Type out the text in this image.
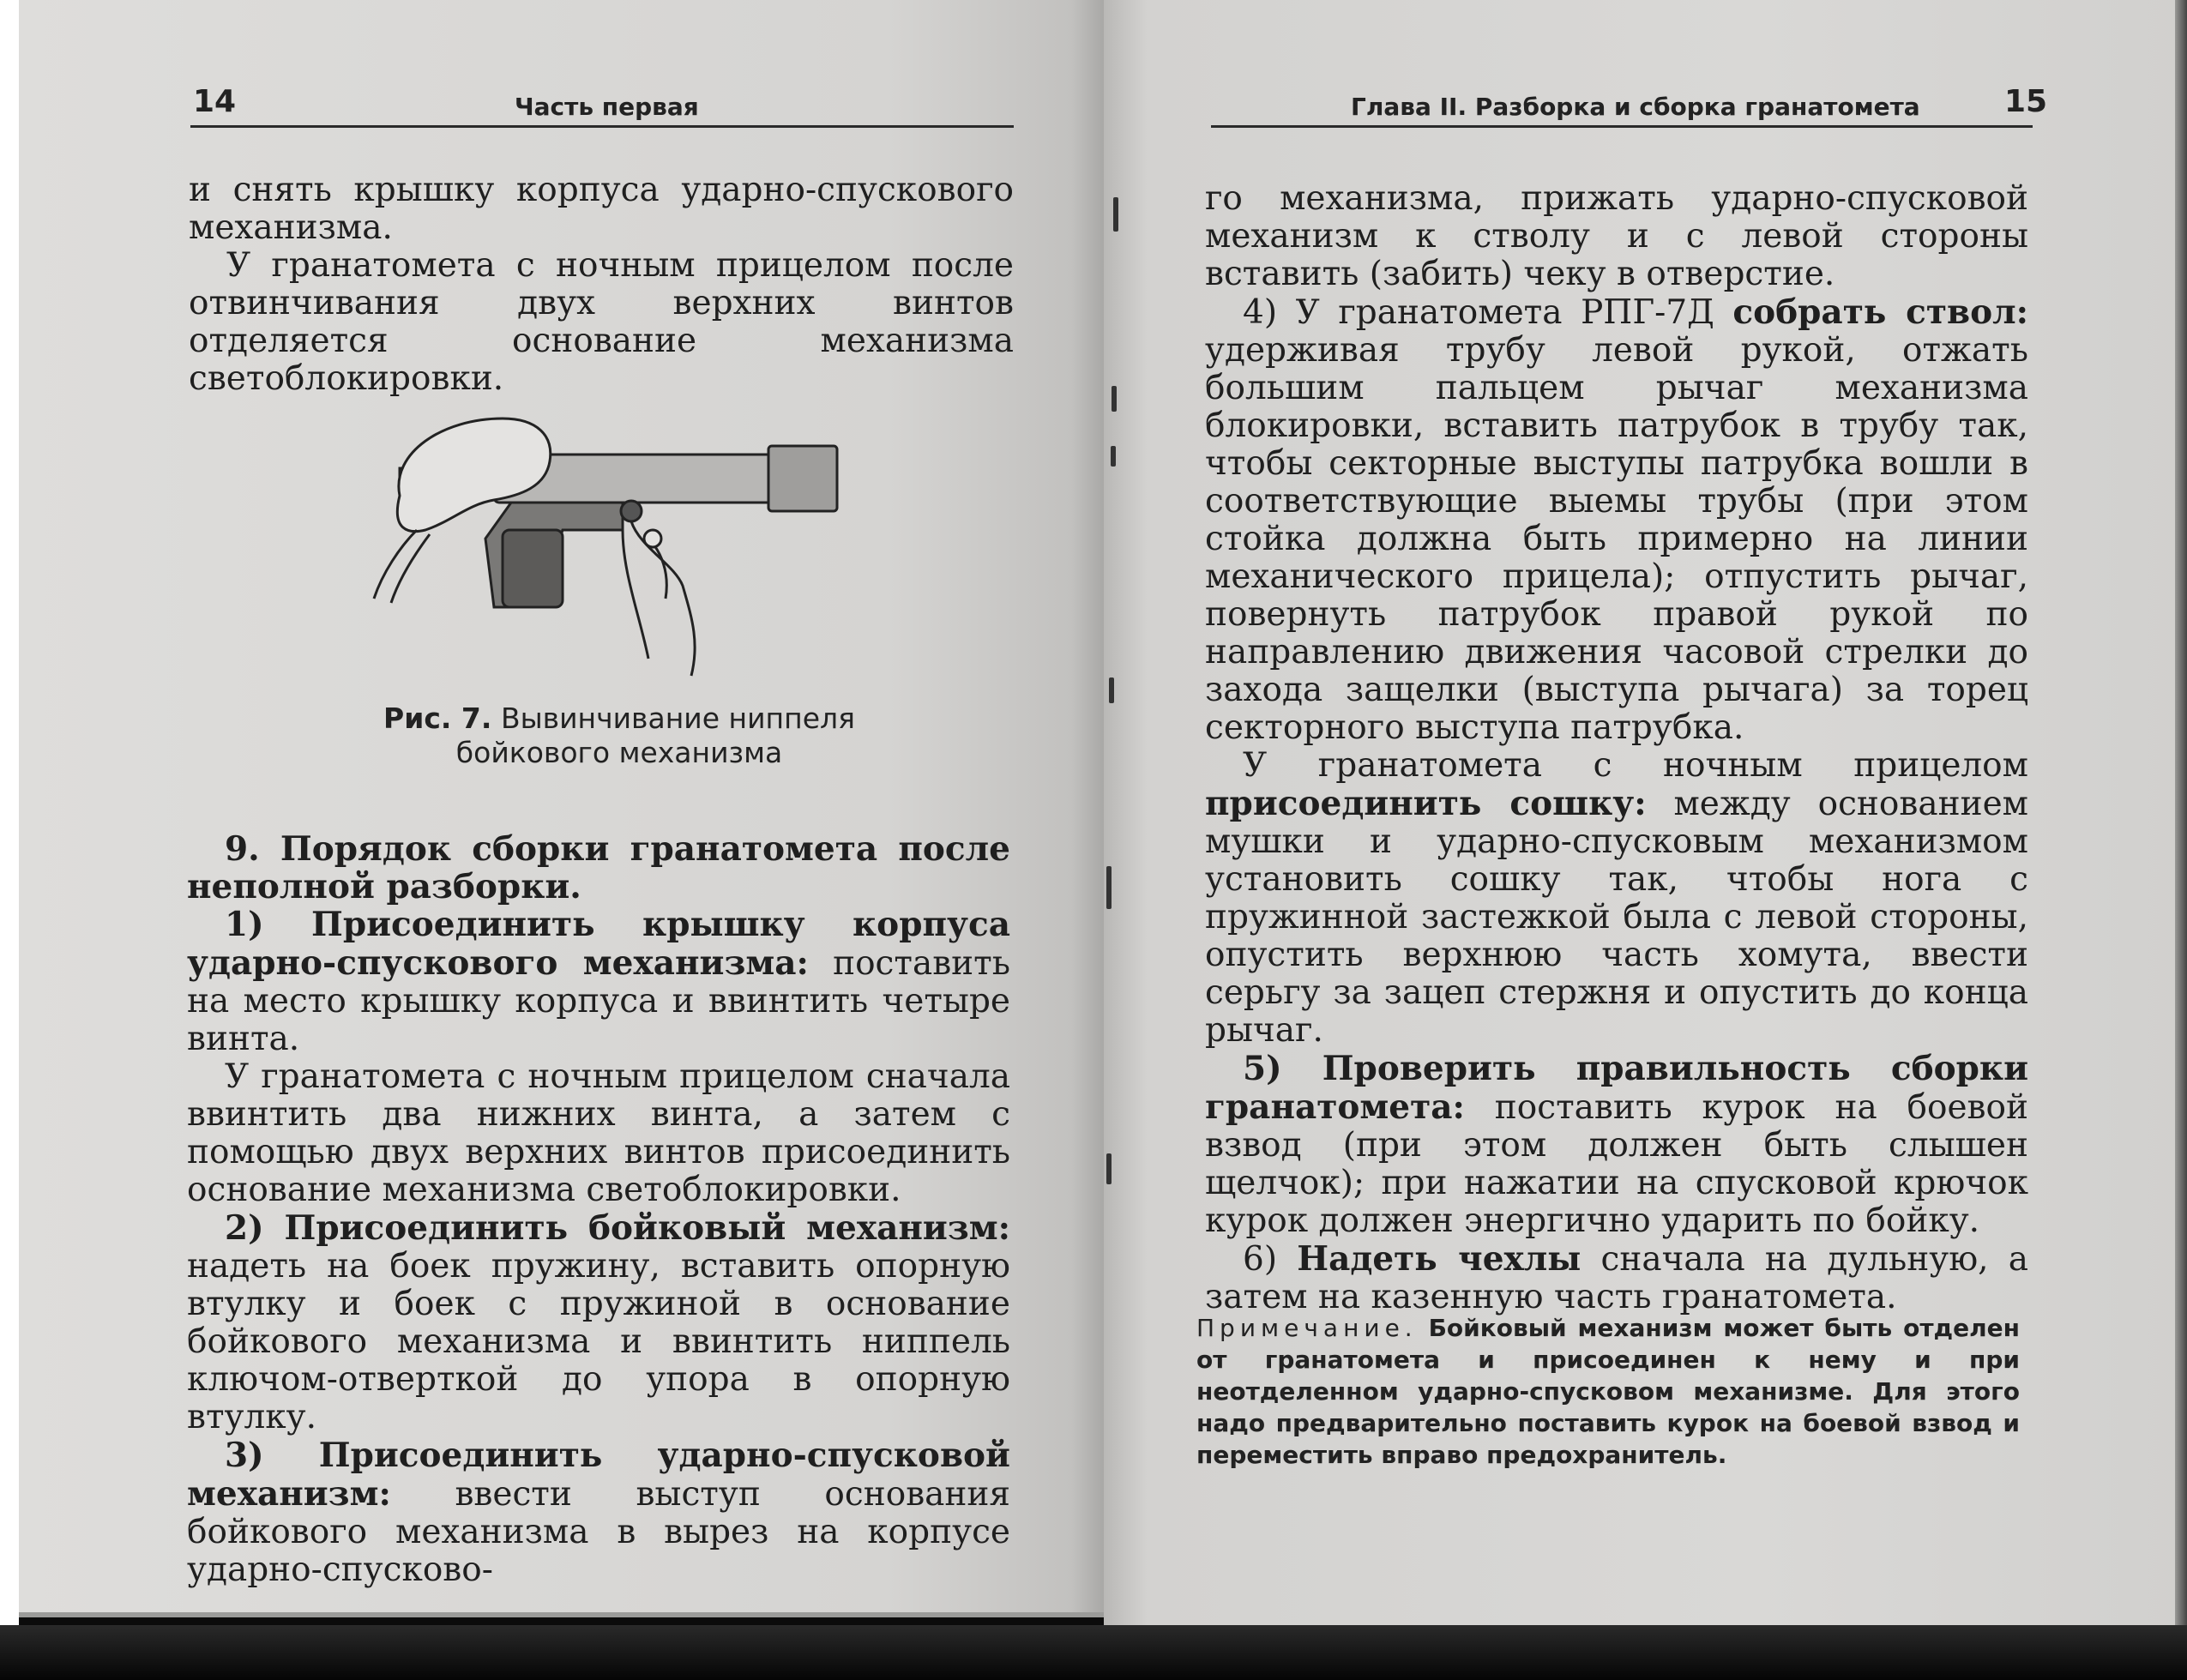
14	Часть первая

и снять крышку корпуса ударно-спускового механизма.

У гранатомета с ночным прицелом после отвинчивания двух верхних винтов отделяется основание механизма светоблокировки.

Рис. 7. Вывинчивание ниппеля бойкового механизма

9. Порядок сборки гранатомета после неполной разборки.

1) Присоединить крышку корпуса ударно-спускового механизма: поставить на место крышку корпуса и ввинтить четыре винта.

У гранатомета с ночным прицелом сначала ввинтить два нижних винта, а затем с помощью двух верхних винтов присоединить основание механизма светоблокировки.

2) Присоединить бойковый механизм: надеть на боек пружину, вставить опорную втулку и боек с пружиной в основание бойкового механизма и ввинтить ниппель ключом-отверткой до упора в опорную втулку.

3) Присоединить ударно-спусковой механизм: ввести выступ основания бойкового механизма в вырез на корпусе ударно-спусково-

Глава II. Разборка и сборка гранатомета	15

го механизма, прижать ударно-спусковой механизм к стволу и с левой стороны вставить (забить) чеку в отверстие.

4) У гранатомета РПГ-7Д собрать ствол: удерживая трубу левой рукой, отжать большим пальцем рычаг механизма блокировки, вставить патрубок в трубу так, чтобы секторные выступы патрубка вошли в соответствующие выемы трубы (при этом стойка должна быть примерно на линии механического прицела); отпустить рычаг, повернуть патрубок правой рукой по направлению движения часовой стрелки до захода защелки (выступа рычага) за торец секторного выступа патрубка.

У гранатомета с ночным прицелом присоединить сошку: между основанием мушки и ударно-спусковым механизмом установить сошку так, чтобы нога с пружинной застежкой была с левой стороны, опустить верхнюю часть хомута, ввести серьгу за зацеп стержня и опустить до конца рычаг.

5) Проверить правильность сборки гранатомета: поставить курок на боевой взвод (при этом должен быть слышен щелчок); при нажатии на спусковой крючок курок должен энергично ударить по бойку.

6) Надеть чехлы сначала на дульную, а затем на казенную часть гранатомета.

Примечание. Бойковый механизм может быть отделен от гранатомета и присоединен к нему и при неотделенном ударно-спусковом механизме. Для этого надо предварительно поставить курок на боевой взвод и переместить вправо предохранитель.
